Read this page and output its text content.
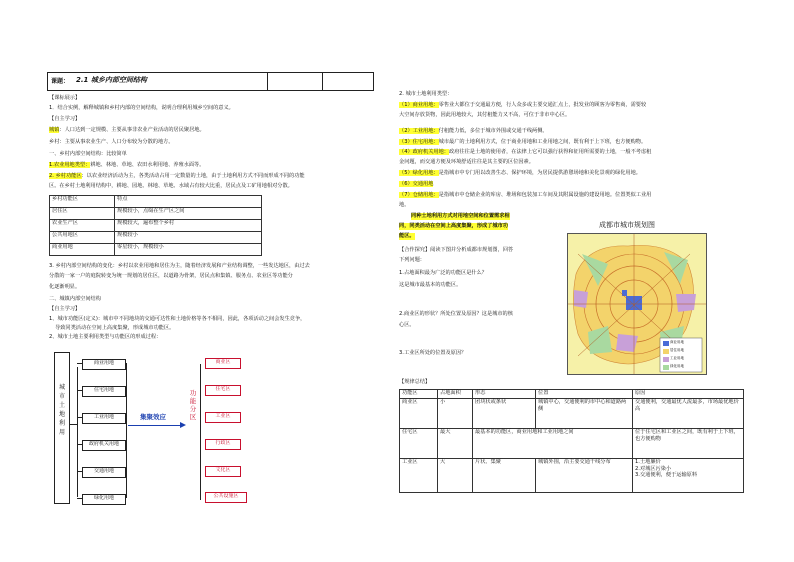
课题： 2.1 城乡内部空间结构
【课标展示】
1．结合实例，解释城镇和乡村内部的空间结构，说明合理利用城乡空间的意义。
【自主学习】
城镇：人口达到一定规模、主要从事非农业产业活动的居民聚居地。
乡村：主要从事农业生产、人口分布较为分散的地方。
一、乡村内部空间结构：比较简单
1.农业用地类型：耕地、林地、草地、农田水利用地、养殖水面等。
2. 乡村功能区：以农业经济活动为主，各类活动占用一定数量的土地，由于土地利用方式不同而形成不同的功能
区。在乡村土地利用结构中，耕地、园地、林地、草地、水域占有较大比重，居民点及工矿用地相对分散。
乡村功能区	特点
居住区	规模较小，点缀在生产区之间
农业生产区	规模较大，遍布整个乡村
公共用地区	规模较小
商业用地	零星较小，规模较小
3. 乡村内部空间结构的变化：乡村以农业用地和居住为主，随着经济发展和产业结构调整，一些发达地区，由过去
分散的一家一户的庭院转变为统一规划的居住区，以道路为骨架，居民点和集镇、服务点、农业区等功能分
化逐渐明显。
二、城镇内部空间结构
【自主学习】
1、城市功能区(定义)：城市中不同地块的交通可达性和土地价格等各不相同，因此，各项活动之间会发生竞争，
导致同类活动在空间上高度集聚，形成城市功能区。
2、城市土地主要利用类型与功能区的形成过程：
城
市
土
地
利
用
商业用地
住宅用地
工业用地
政府机关用地
交通用地
绿化用地
集聚效应
功
能
分
区
商业区
住宅区
工业区
行政区
文化区
公共设施区
2. 城市土地利用类型：
（1）商业用地：零售业大都位于交通最方便，行人众多或主要交通汇点上，批发业的顾客为零售商，需要较
大空间存放货物，因此用地较大，其付租能力又不高，可位于非市中心区。
（2）工业用地：付租能力低，多位于城市外围或交通干线两侧。
（3）住宅用地：城市最广的土地利用方式，位于商业用地和工业用地之间，既有利于上下班，也方便购物。
（4）政府机关用地：政府往往是土地的使用者，在法律上它可以强行获得和征用所需要的土地，一般不考虑租
金问题，而交通方便及环境舒适往往是其主要的区位因素。
（5）绿化用地：是指城市中专门用以改善生态、保护环境，为居民提供游憩场地和美化景观的绿化用地。
（6）交通用地
（7）仓储用地：是指城市中仓储企业的库房、堆场和包装加工车间及其附属设施的建设用地。位置类似工业用
地。
同种土地利用方式对用地空间和位置需求相
同，同类活动在空间上高度集聚，形成了城市功
能区。
【合作探究】阅读下图并分析成都市规划图，回答
下列问题：
1.占地面积最为广泛的功能区是什么？
这是城市最基本的功能区。
2.商业区的形状？所处位置及原因？这是城市的核
心区。
3.工业区所处的位置及原因？
【规律总结】
成都市城市规划图
商业用地
居住用地
工业用地
绿化用地
功能区	占地面积	形态	位置	原因
商业区	小	团块状或条状	城镇中心，交通便利的市中心和道路两侧	交通便利，交通最优人流最多，市场最优地价高
住宅区	最大	最基本的功能区，商业用地和工业用地之间		位于住宅区和工业区之间，既有利于上下班，也方便购物
工业区	大	片状、集聚	城镇外围，沿主要交通干线分布	1.土地廉价
2.对城区污染小
3.交通便利，便于运输原料
